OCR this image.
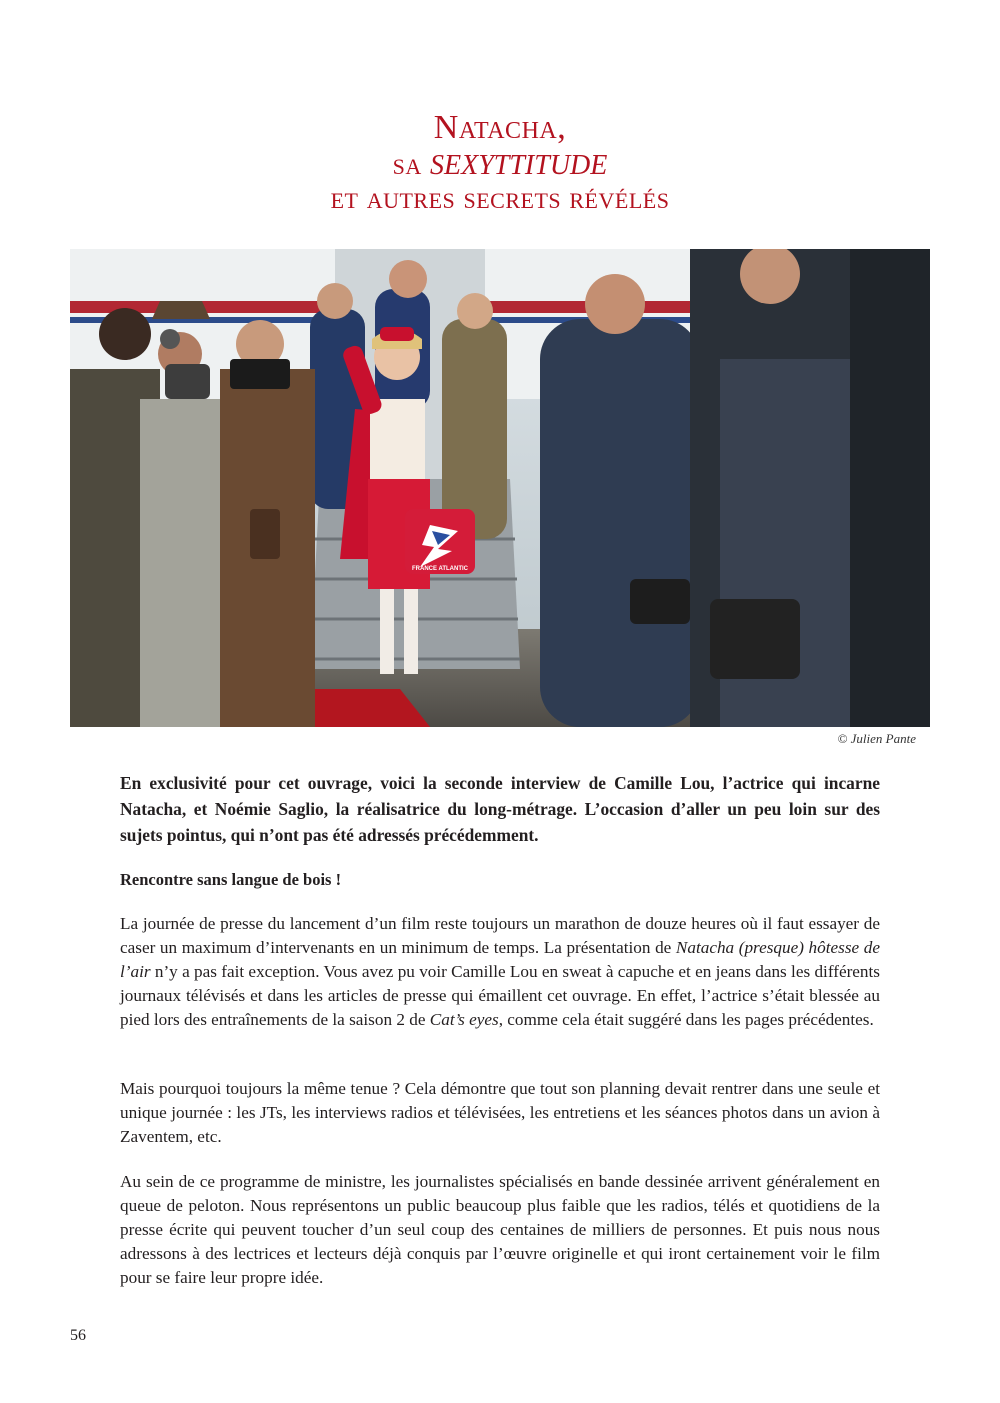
Natacha,
sa SEXYTTITUDE
et autres secrets révélés
FRANCE ATLANTIC
© Julien Pante
En exclusivité pour cet ouvrage, voici la seconde interview de Camille Lou, l’actrice qui incarne Natacha, et Noémie Saglio, la réalisatrice du long-métrage. L’occasion d’aller un peu loin sur des sujets pointus, qui n’ont pas été adressés précédemment.
Rencontre sans langue de bois !

La journée de presse du lancement d’un film reste toujours un marathon de douze heures où il faut essayer de caser un maximum d’intervenants en un minimum de temps. La présentation de Natacha (presque) hôtesse de l’air n’y a pas fait exception. Vous avez pu voir Camille Lou en sweat à capuche et en jeans dans les différents journaux télévisés et dans les articles de presse qui émaillent cet ouvrage. En effet, l’actrice s’était blessée au pied lors des entraînements de la saison 2 de Cat’s eyes, comme cela était suggéré dans les pages précédentes.

Mais pourquoi toujours la même tenue ? Cela démontre que tout son planning devait rentrer dans une seule et unique journée : les JTs, les interviews radios et télévisées, les entretiens et les séances photos dans un avion à Zaventem, etc.

Au sein de ce programme de ministre, les journalistes spécialisés en bande dessinée arrivent généralement en queue de peloton. Nous représentons un public beaucoup plus faible que les radios, télés et quotidiens de la presse écrite qui peuvent toucher d’un seul coup des centaines de milliers de personnes. Et puis nous nous adressons à des lectrices et lecteurs déjà conquis par l’œuvre originelle et qui iront certainement voir le film pour se faire leur propre idée.

56
